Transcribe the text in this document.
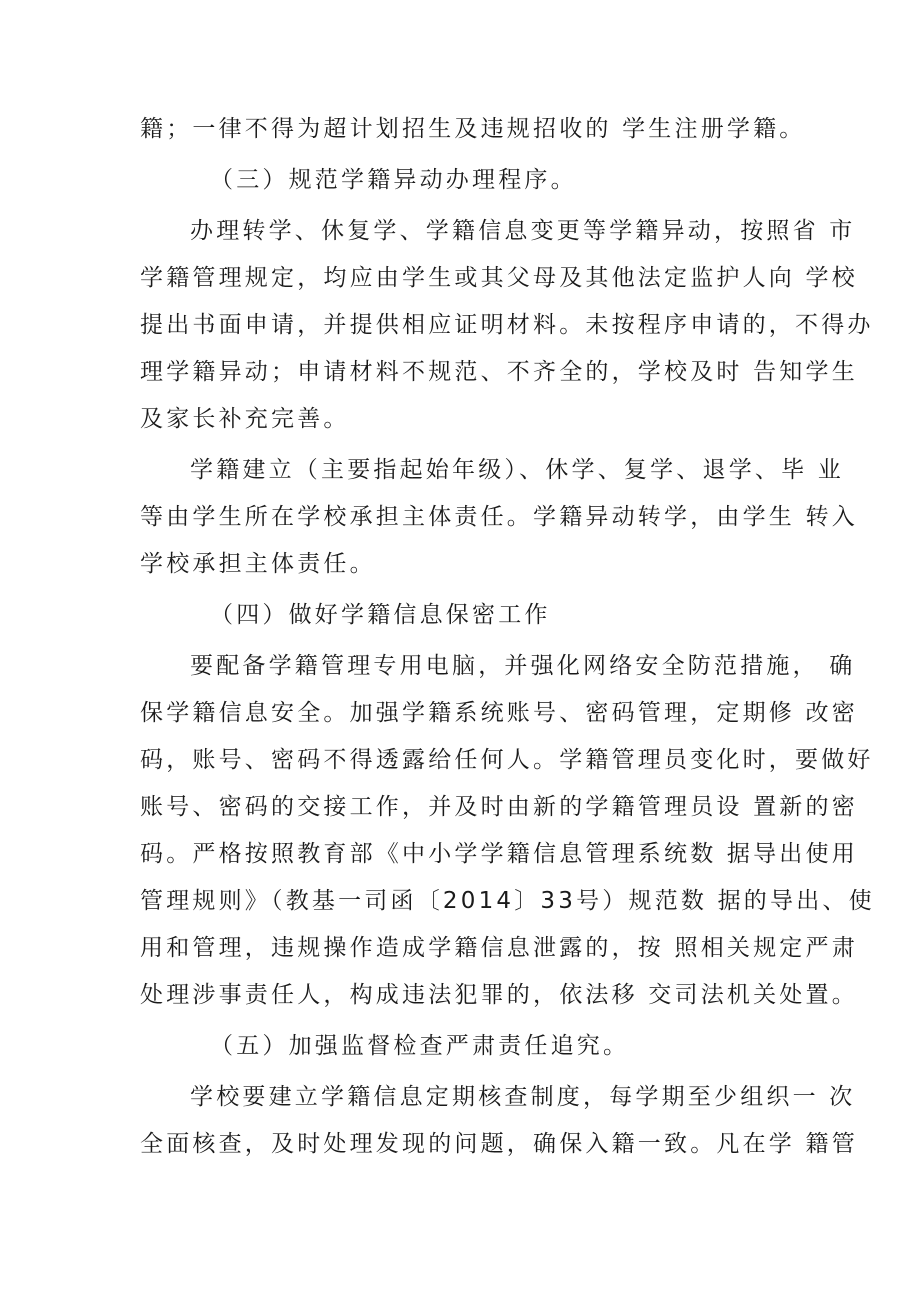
籍；一律不得为超计划招生及违规招收的 学生注册学籍。
（三）规范学籍异动办理程序。
办理转学、休复学、学籍信息变更等学籍异动，按照省 市
学籍管理规定，均应由学生或其父母及其他法定监护人向 学校
提出书面申请，并提供相应证明材料。未按程序申请的，不得办
理学籍异动；申请材料不规范、不齐全的，学校及时 告知学生
及家长补充完善。
学籍建立（主要指起始年级）、休学、复学、退学、毕 业
等由学生所在学校承担主体责任。学籍异动转学，由学生 转入
学校承担主体责任。
（四）做好学籍信息保密工作
要配备学籍管理专用电脑，并强化网络安全防范措施， 确
保学籍信息安全。加强学籍系统账号、密码管理，定期修 改密
码，账号、密码不得透露给任何人。学籍管理员变化时，要做好
账号、密码的交接工作，并及时由新的学籍管理员设 置新的密
码。严格按照教育部《中小学学籍信息管理系统数 据导出使用
管理规则》（教基一司函〔2014〕33号）规范数 据的导出、使
用和管理，违规操作造成学籍信息泄露的，按 照相关规定严肃
处理涉事责任人，构成违法犯罪的，依法移 交司法机关处置。
（五）加强监督检查严肃责任追究。
学校要建立学籍信息定期核查制度，每学期至少组织一 次
全面核查，及时处理发现的问题，确保入籍一致。凡在学 籍管
